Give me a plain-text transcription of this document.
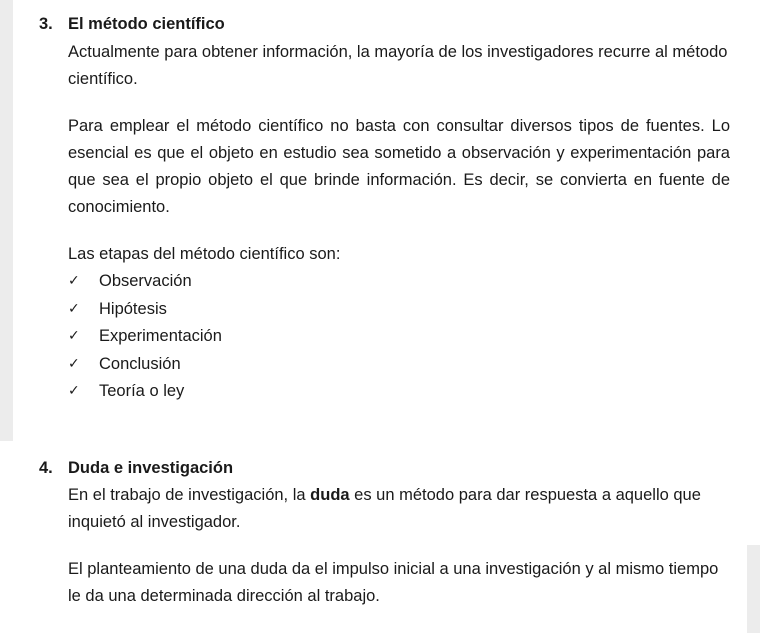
3. El método científico

Actualmente para obtener información, la mayoría de los investigadores recurre al método científico.

Para emplear el método científico no basta con consultar diversos tipos de fuentes. Lo esencial es que el objeto en estudio sea sometido a observación y experimentación para que sea el propio objeto el que brinde información. Es decir, se convierta en fuente de conocimiento.

Las etapas del método científico son:

✓ Observación
✓ Hipótesis
✓ Experimentación
✓ Conclusión
✓ Teoría o ley
4. Duda e investigación

En el trabajo de investigación, la duda es un método para dar respuesta a aquello que inquietó al investigador.

El planteamiento de una duda da el impulso inicial a una investigación y al mismo tiempo le da una determinada dirección al trabajo.
